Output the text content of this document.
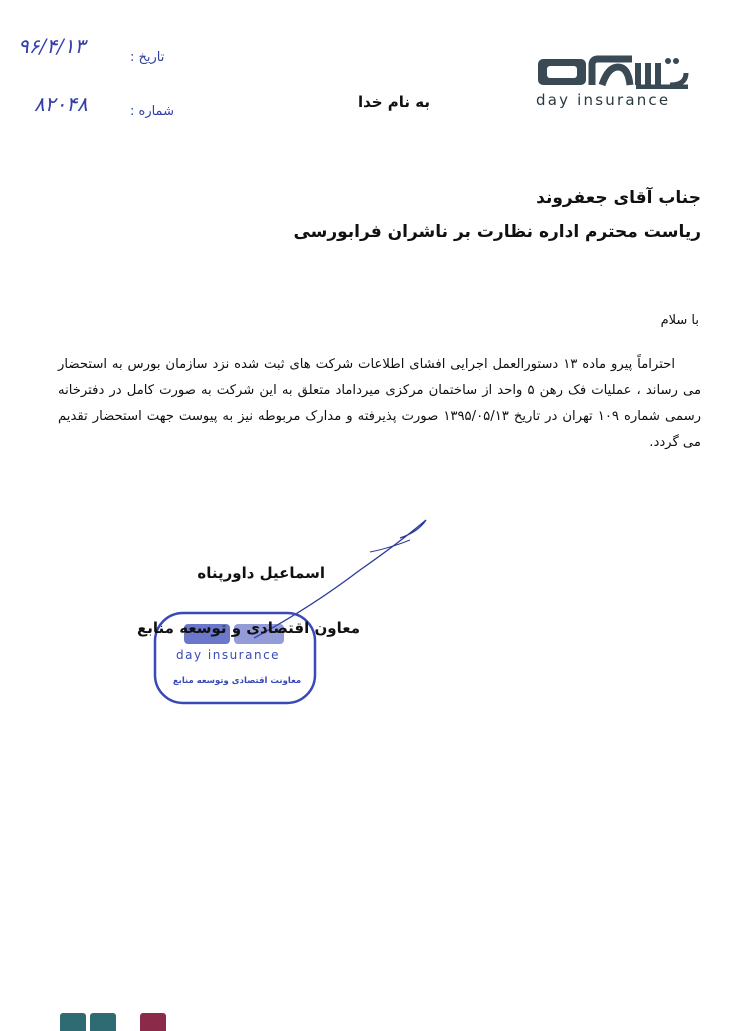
day insurance
۹۶/۴/۱۳	تاریخ :
۸۲۰۴۸	شماره :
به نام خدا
جناب آقای جعفروند
ریاست محترم اداره نظارت بر ناشران فرابورسی
با سلام
احتراماً پیرو ماده ۱۳ دستورالعمل اجرایی افشای اطلاعات شرکت های ثبت شده نزد سازمان بورس به استحضار می رساند ، عملیات فک رهن ۵ واحد از ساختمان مرکزی میرداماد متعلق به این شرکت به صورت کامل در دفترخانه رسمی شماره ۱۰۹ تهران در تاریخ ۱۳۹۵/۰۵/۱۳ صورت پذیرفته و مدارک مربوطه نیز به پیوست جهت استحضار تقدیم می گردد.
day insurance
معاونت اقتصادی وتوسعه منابع
اسماعیل داورپناه
معاون اقتصادی و توسعه منابع
